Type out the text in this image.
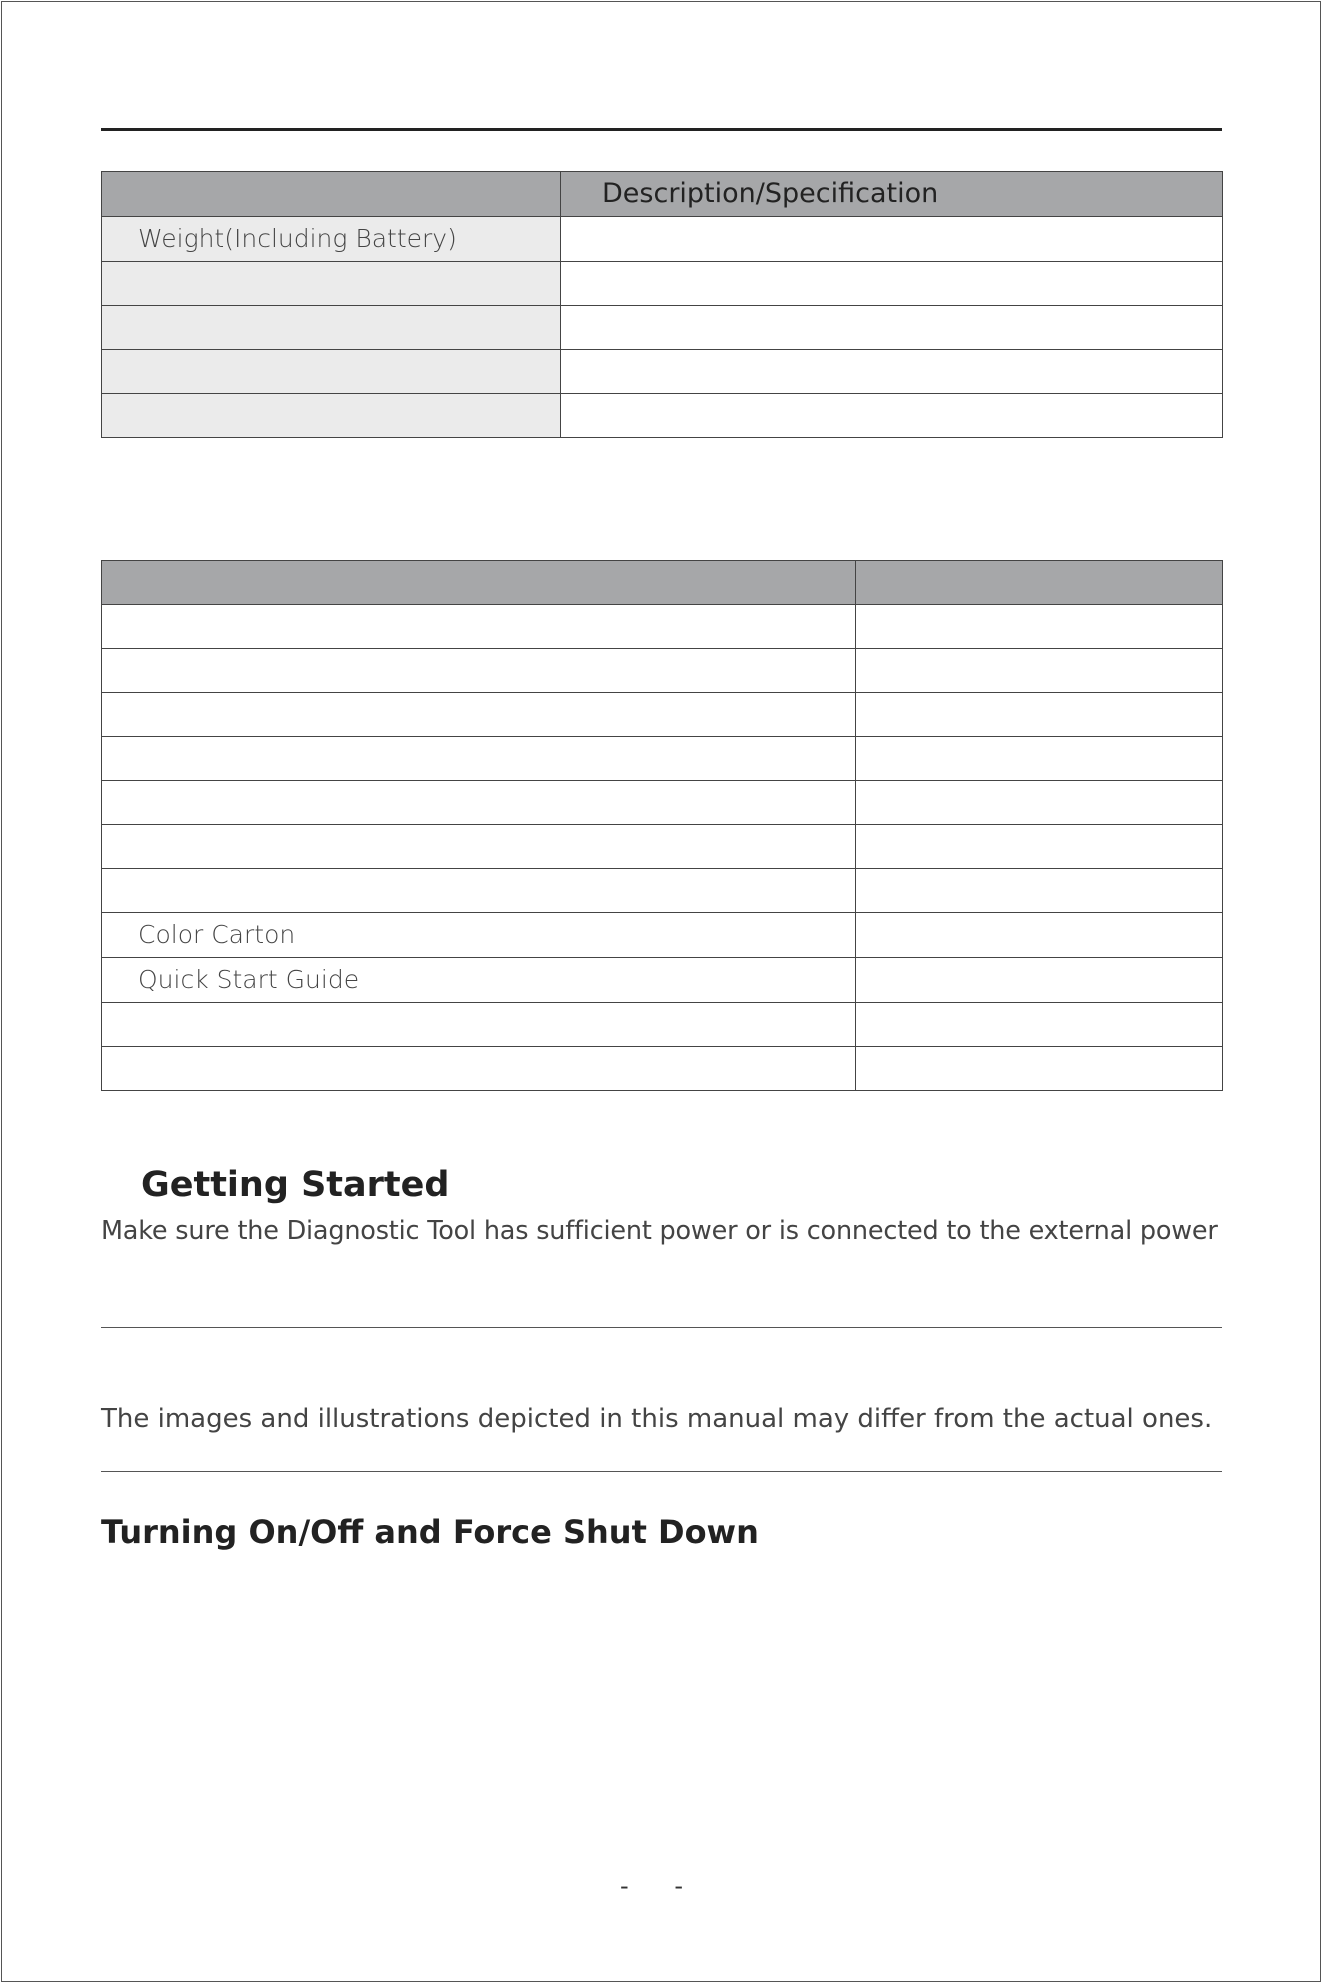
	Description/Specification

Weight(Including Battery)	

Color Carton	

Quick Start Guide	

Getting Started

Make sure the Diagnostic Tool has sufficient power or is connected to the external power

The images and illustrations depicted in this manual may differ from the actual ones.

Turning On/Off and Force Shut Down
-      -
